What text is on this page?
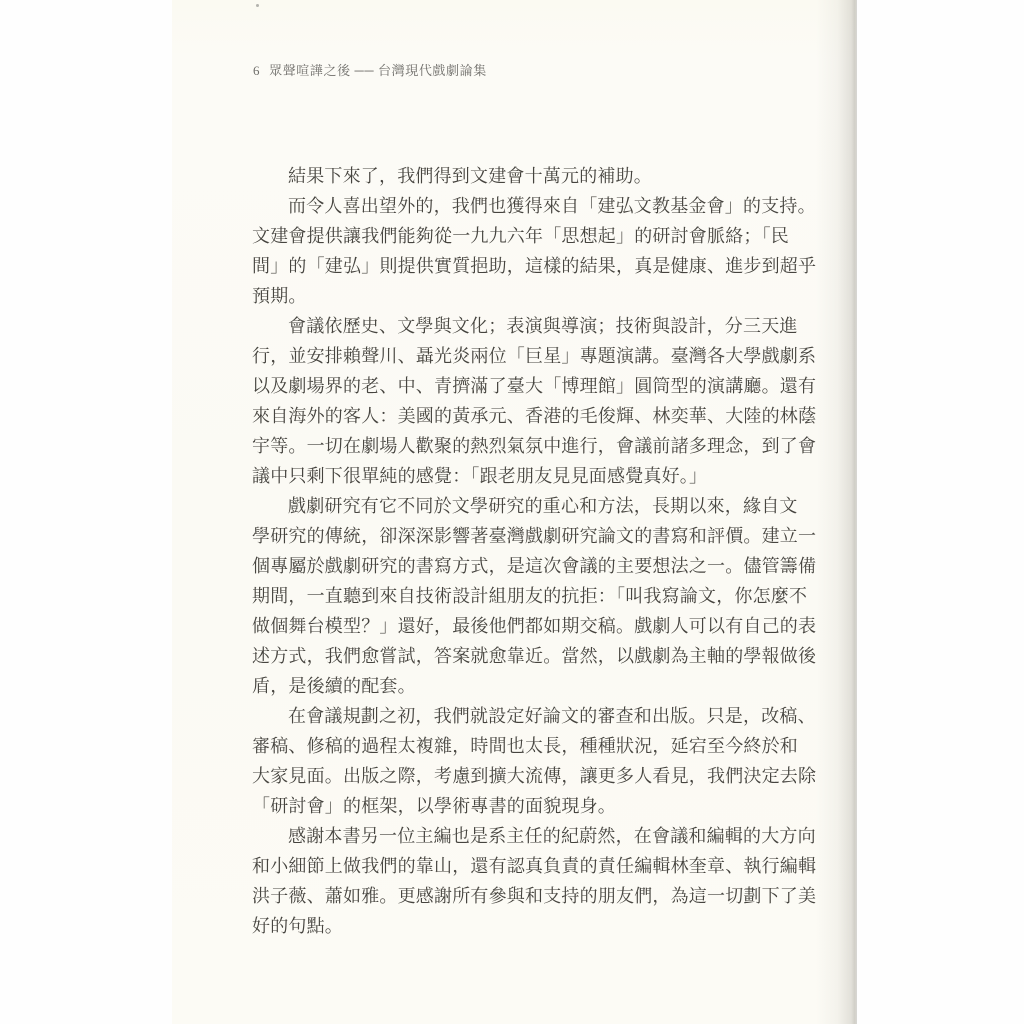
6 眾聲喧譁之後 ── 台灣現代戲劇論集
結果下來了，我們得到文建會十萬元的補助。
而令人喜出望外的，我們也獲得來自「建弘文教基金會」的支持。
文建會提供讓我們能夠從一九九六年「思想起」的研討會脈絡；「民
間」的「建弘」則提供實質挹助，這樣的結果，真是健康、進步到超乎
預期。
會議依歷史、文學與文化；表演與導演；技術與設計，分三天進
行，並安排賴聲川、聶光炎兩位「巨星」專題演講。臺灣各大學戲劇系
以及劇場界的老、中、青擠滿了臺大「博理館」圓筒型的演講廳。還有
來自海外的客人：美國的黃承元、香港的毛俊輝、林奕華、大陸的林蔭
宇等。一切在劇場人歡聚的熱烈氣氛中進行，會議前諸多理念，到了會
議中只剩下很單純的感覺：「跟老朋友見見面感覺真好。」
戲劇研究有它不同於文學研究的重心和方法，長期以來，緣自文
學研究的傳統，卻深深影響著臺灣戲劇研究論文的書寫和評價。建立一
個專屬於戲劇研究的書寫方式，是這次會議的主要想法之一。儘管籌備
期間，一直聽到來自技術設計組朋友的抗拒：「叫我寫論文，你怎麼不
做個舞台模型？」還好，最後他們都如期交稿。戲劇人可以有自己的表
述方式，我們愈嘗試，答案就愈靠近。當然，以戲劇為主軸的學報做後
盾，是後續的配套。
在會議規劃之初，我們就設定好論文的審查和出版。只是，改稿、
審稿、修稿的過程太複雜，時間也太長，種種狀況，延宕至今終於和
大家見面。出版之際，考慮到擴大流傳，讓更多人看見，我們決定去除
「研討會」的框架，以學術專書的面貌現身。
感謝本書另一位主編也是系主任的紀蔚然，在會議和編輯的大方向
和小細節上做我們的靠山，還有認真負責的責任編輯林奎章、執行編輯
洪子薇、蕭如雅。更感謝所有參與和支持的朋友們，為這一切劃下了美
好的句點。
